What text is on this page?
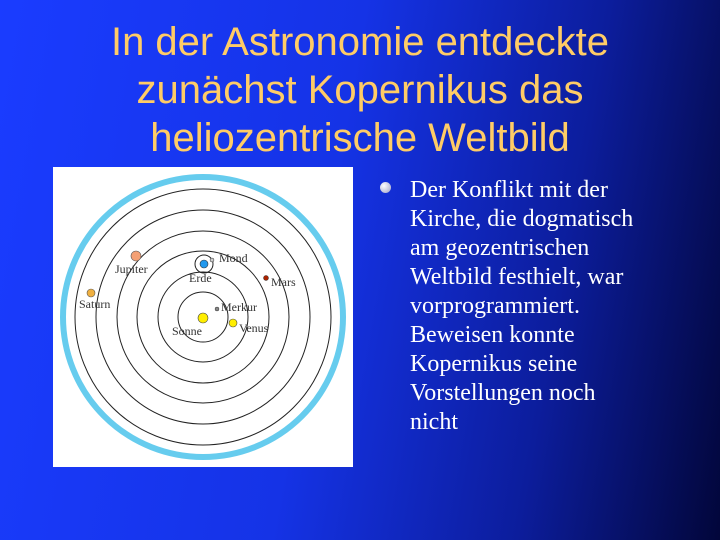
In der Astronomie entdeckte
zunächst Kopernikus das
heliozentrische Weltbild
Sonne
Merkur
Venus
Erde
Mond
Mars
Jupiter
Saturn
Der Konflikt mit der
Kirche, die dogmatisch
am geozentrischen
Weltbild festhielt, war
vorprogrammiert.
Beweisen konnte
Kopernikus seine
Vorstellungen noch
nicht
